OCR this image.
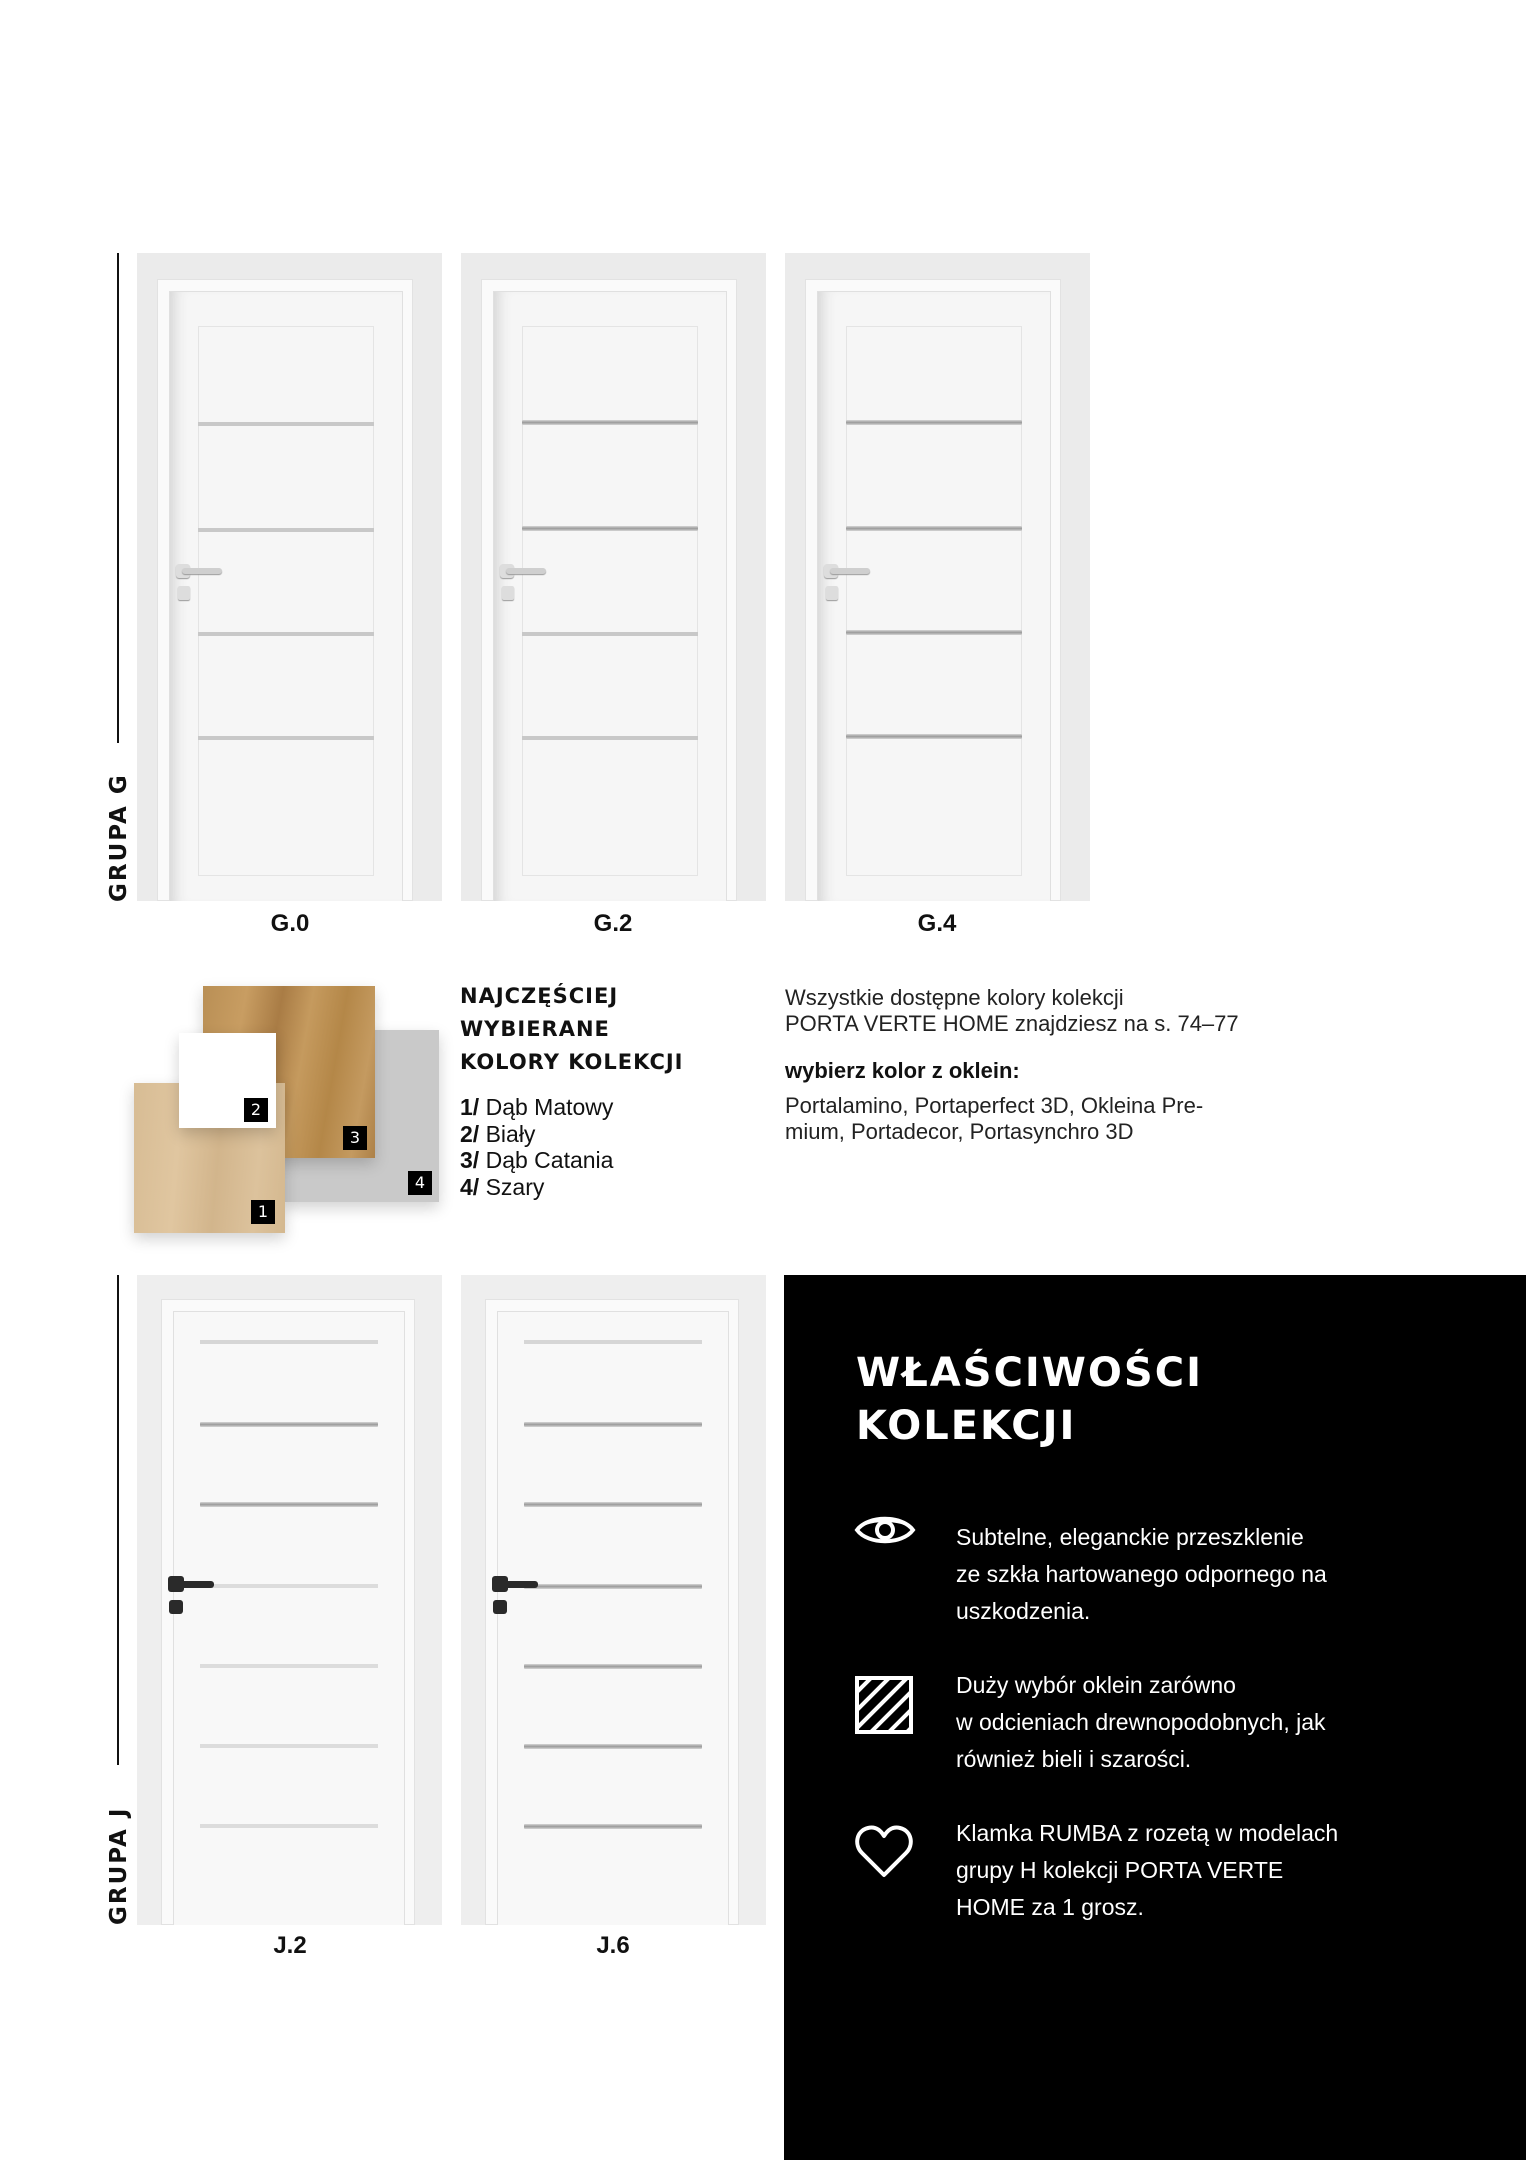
GRUPA G
G.0	G.2	G.4
2
3
4
1
NAJCZĘŚCIEJ
WYBIERANE
KOLORY KOLEKCJI
1/ Dąb Matowy
2/ Biały
3/ Dąb Catania
4/ Szary
Wszystkie dostępne kolory kolekcji
PORTA VERTE HOME znajdziesz na s. 74–77
wybierz kolor z oklein:
Portalamino, Portaperfect 3D, Okleina Pre-
mium, Portadecor, Portasynchro 3D
GRUPA J
J.2	J.6
WŁAŚCIWOŚCI
KOLEKCJI
Subtelne, eleganckie przeszklenie
ze szkła hartowanego odpornego na
uszkodzenia.
Duży wybór oklein zarówno
w odcieniach drewnopodobnych, jak
również bieli i szarości.
Klamka RUMBA z rozetą w modelach
grupy H kolekcji PORTA VERTE
HOME za 1 grosz.
